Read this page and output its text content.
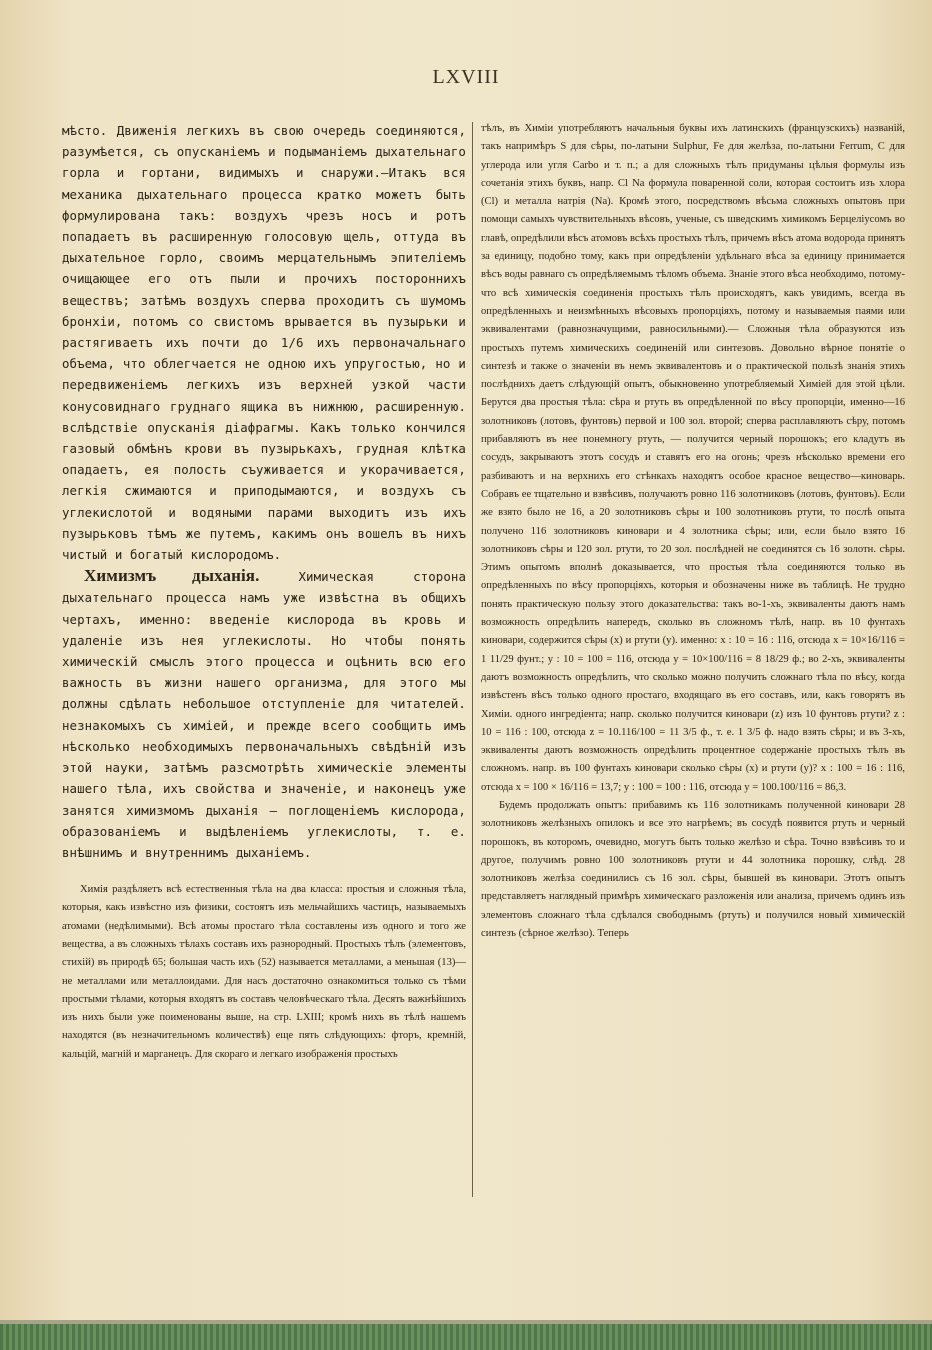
LXVIII

мѣсто. Движенія легкихъ въ свою очередь соединяются, разумѣется, съ опусканіемъ и подыманіемъ дыхательнаго горла и гортани, видимыхъ и снаружи.—Итакъ вся механика дыхательнаго процесса кратко можетъ быть формулирована такъ: воздухъ чрезъ носъ и ротъ попадаетъ въ расширенную голосовую щель, оттуда въ дыхательное горло, своимъ мерцательнымъ эпителіемъ очищающее его отъ пыли и прочихъ постороннихъ веществъ; затѣмъ воздухъ сперва проходитъ съ шумомъ бронхіи, потомъ со свистомъ врывается въ пузырьки и растягиваетъ ихъ почти до 1/6 ихъ первоначальнаго объема, что облегчается не одною ихъ упругостью, но и передвиженіемъ легкихъ изъ верхней узкой части конусовиднаго груднаго ящика въ нижнюю, расширенную. вслѣдствіе опусканія діафрагмы. Какъ только кончился газовый обмѣнъ крови въ пузырькахъ, грудная клѣтка опадаетъ, ея полость съуживается и укорачивается, легкія сжимаются и приподымаются, и воздухъ съ углекислотой и водяными парами выходитъ изъ ихъ пузырьковъ тѣмъ же путемъ, какимъ онъ вошелъ въ нихъ чистый и богатый кислородомъ.

Химизмъ дыханія.	Химическая сторона дыхательнаго процесса намъ уже извѣстна въ общихъ чертахъ, именно: введеніе кислорода въ кровь и удаленіе изъ нея углекислоты. Но чтобы понять химическій смыслъ этого процесса и оцѣнить всю его важность въ жизни нашего организма, для этого мы должны сдѣлать небольшое отступленіе для читателей. незнакомыхъ съ химіей, и прежде всего сообщить имъ нѣсколько необходимыхъ первоначальныхъ свѣдѣній изъ этой науки, затѣмъ разсмотрѣть химическіе элементы нашего тѣла, ихъ свойства и значеніе, и наконецъ уже занятся химизмомъ дыханія — поглощеніемъ кислорода, образованіемъ и выдѣленіемъ углекислоты, т. е. внѣшнимъ и внутреннимъ дыханіемъ.

Химія раздѣляетъ всѣ естественныя тѣла на два класса: простыя и сложныя тѣла, которыя, какъ извѣстно изъ физики, состоятъ изъ мельчайшихъ частицъ, называемыхъ атомами (недѣлимыми). Всѣ атомы простаго тѣла составлены изъ одного и того же вещества, а въ сложныхъ тѣлахъ составъ ихъ разнородный. Простыхъ тѣлъ (элементовъ, стихій) въ природѣ 65; большая часть ихъ (52) называется металлами, а меньшая (13)—не металлами или металлоидами. Для насъ достаточно ознакомиться только съ тѣми простыми тѣлами, которыя входятъ въ составъ человѣческаго тѣла. Десять важнѣйшихъ изъ нихъ были уже поименованы выше, на стр. LXIII; кромѣ нихъ въ тѣлѣ нашемъ находятся (въ незначительномъ количествѣ) еще пять слѣдующихъ: фторъ, кремній, кальцій, магній и марганецъ. Для скораго и легкаго изображенія простыхъ

тѣлъ, въ Химіи употребляютъ начальныя буквы ихъ латинскихъ (французскихъ) названій, такъ напримѣръ S для сѣры, по-латыни Sulphur, Fe для желѣза, по-латыни Ferrum, C для углерода или угля Carbo и т. п.; а для сложныхъ тѣлъ придуманы цѣлыя формулы изъ сочетанія этихъ буквъ, напр. Cl Na формула поваренной соли, которая состоитъ изъ хлора (Cl) и металла натрія (Na). Кромѣ этого, посредствомъ вѣсьма сложныхъ опытовъ при помощи самыхъ чувствительныхъ вѣсовъ, ученые, съ шведскимъ химикомъ Берцеліусомъ во главѣ, опредѣлили вѣсъ атомовъ всѣхъ простыхъ тѣлъ, причемъ вѣсъ атома водорода принятъ за единицу, подобно тому, какъ при опредѣленіи удѣльнаго вѣса за единицу принимается вѣсъ воды равнаго съ опредѣляемымъ тѣломъ объема. Знаніе этого вѣса необходимо, потому-что всѣ химическія соединенія простыхъ тѣлъ происходятъ, какъ увидимъ, всегда въ опредѣленныхъ и неизмѣнныхъ вѣсовыхъ пропорціяхъ, потому и называемыя паями или эквивалентами (равнозначущими, равносильными).— Сложныя тѣла образуются изъ простыхъ путемъ химическихъ соединеній или синтезовъ. Довольно вѣрное понятіе о синтезѣ и также о значеніи въ немъ эквивалентовъ и о практической пользѣ знанія этихъ послѣднихъ даетъ слѣдующій опытъ, обыкновенно употребляемый Химіей для этой цѣли. Берутся два простыя тѣла: сѣра и ртуть въ опредѣленной по вѣсу пропорціи, именно—16 золотниковъ (лотовъ, фунтовъ) первой и 100 зол. второй; сперва расплавляютъ сѣру, потомъ прибавляютъ въ нее понемногу ртуть, — получится черный порошокъ; его кладутъ въ сосудъ, закрываютъ этотъ сосудъ и ставятъ его на огонь; чрезъ нѣсколько времени его разбиваютъ и на верхнихъ его стѣнкахъ находятъ особое красное вещество—киноварь. Собравъ ее тщательно и взвѣсивъ, получаютъ ровно 116 золотниковъ (лотовъ, фунтовъ). Если же взято было не 16, а 20 золотниковъ сѣры и 100 золотниковъ ртути, то послѣ опыта получено 116 золотниковъ киновари и 4 золотника сѣры; или, если было взято 16 золотниковъ сѣры и 120 зол. ртути, то 20 зол. послѣдней не соединятся съ 16 золотн. сѣры. Этимъ опытомъ вполнѣ доказывается, что простыя тѣла соединяются только въ опредѣленныхъ по вѣсу пропорціяхъ, которыя и обозначены ниже въ таблицѣ. Не трудно понять практическую пользу этого доказательства: такъ во-1-хъ, эквиваленты даютъ намъ возможность опредѣлить напередъ, сколько въ сложномъ тѣлѣ, напр. въ 10 фунтахъ киновари, содержится сѣры (x) и ртути (y). именно: x : 10 = 16 : 116, отсюда x = 10×16/116 = 1 11/29 фунт.; y : 10 = 100 = 116, отсюда y = 10×100/116 = 8 18/29 ф.; во 2-хъ, эквиваленты даютъ возможность опредѣлить, что сколько можно получить сложнаго тѣла по вѣсу, когда извѣстенъ вѣсъ только одного простаго, входящаго въ его составъ, или, какъ говорятъ въ Химіи. одного ингредіента; напр. сколько получится киновари (z) изъ 10 фунтовъ ртути? z : 10 = 116 : 100, отсюда z = 10.116/100 = 11 3/5 ф., т. е. 1 3/5 ф. надо взять сѣры; и въ 3-хъ, эквиваленты даютъ возможность опредѣлить процентное содержаніе простыхъ тѣлъ въ сложномъ. напр. въ 100 фунтахъ киновари сколько сѣры (x) и ртути (y)? x : 100 = 16 : 116, отсюда x = 100 × 16/116 = 13,7; y : 100 = 100 : 116, отсюда y = 100.100/116 = 86,3.

Будемъ продолжать опытъ: прибавимъ къ 116 золотникамъ полученной киновари 28 золотниковъ желѣзныхъ опилокъ и все это нагрѣемъ; въ сосудѣ появится ртуть и черный порошокъ, въ которомъ, очевидно, могутъ быть только желѣзо и сѣра. Точно взвѣсивъ то и другое, получимъ ровно 100 золотниковъ ртути и 44 золотника порошку, слѣд. 28 золотниковъ желѣза соединились съ 16 зол. сѣры, бывшей въ киновари. Этотъ опытъ представляетъ наглядный примѣръ химическаго разложенія или анализа, причемъ одинъ изъ элементовъ сложнаго тѣла сдѣлался свободнымъ (ртуть) и получился новый химическій синтезъ (сѣрное желѣзо). Теперь
